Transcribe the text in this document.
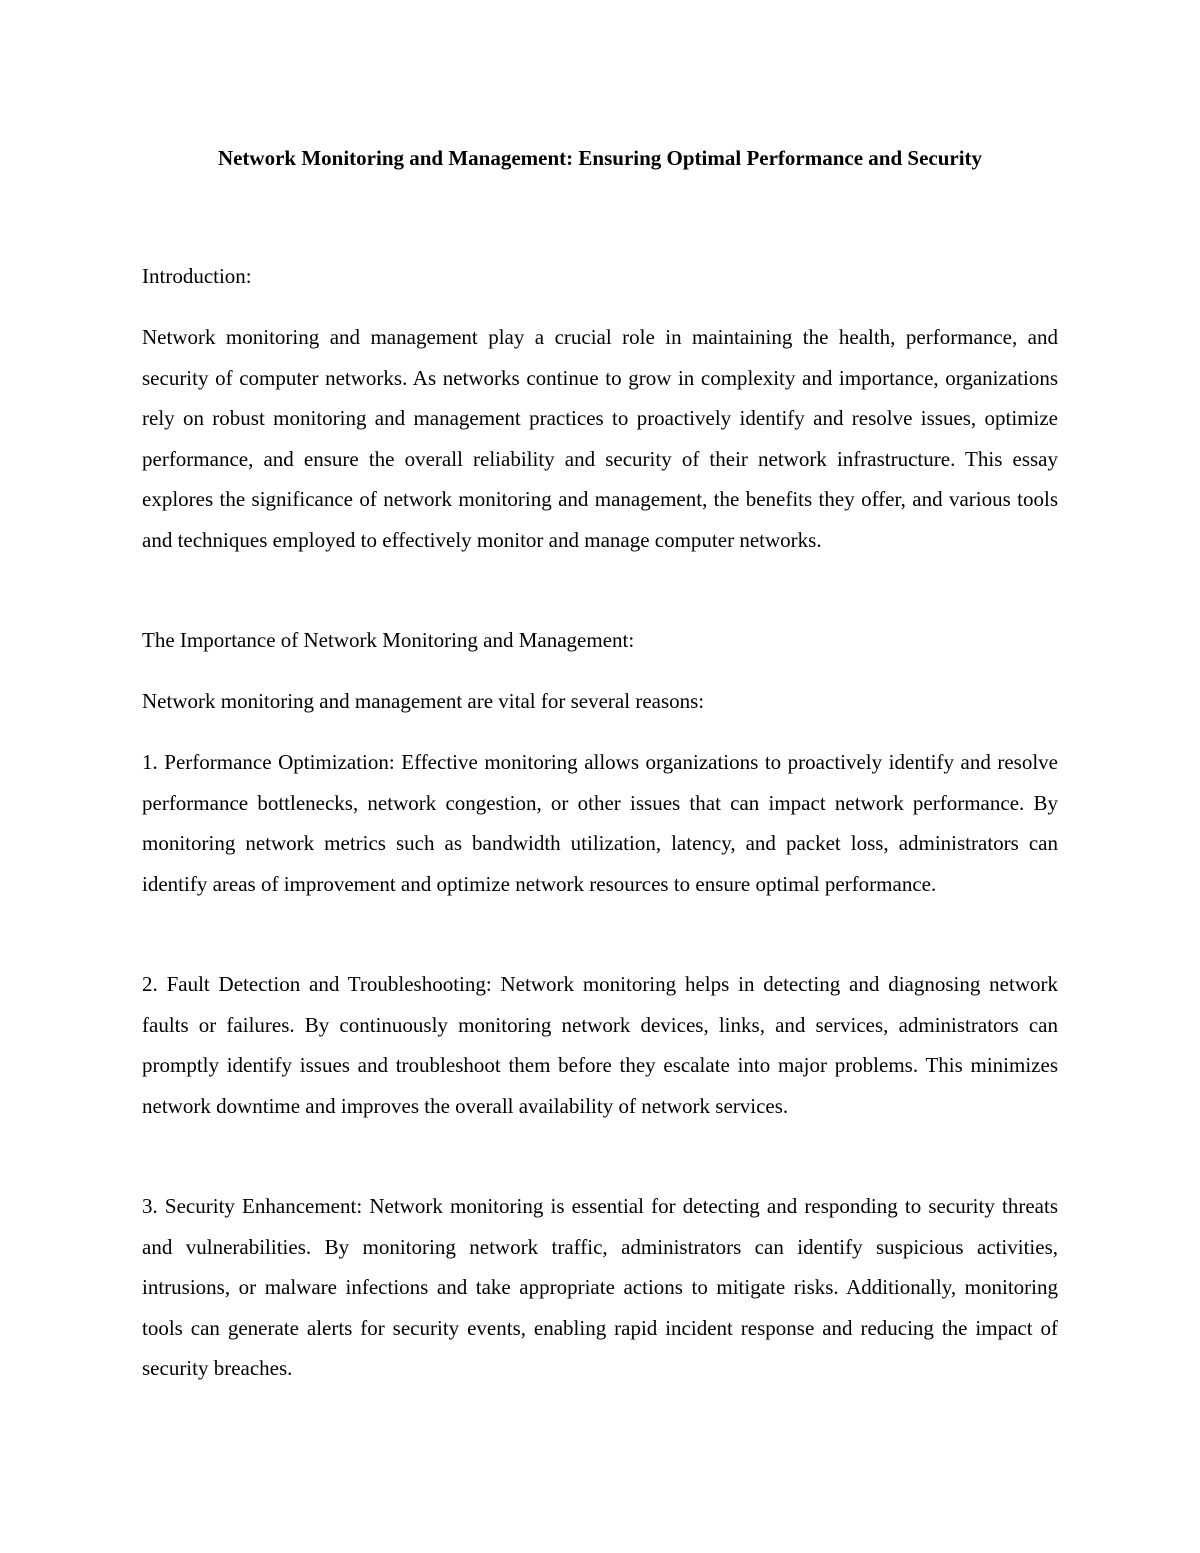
Network Monitoring and Management: Ensuring Optimal Performance and Security

Introduction:

Network monitoring and management play a crucial role in maintaining the health, performance, and security of computer networks. As networks continue to grow in complexity and importance, organizations rely on robust monitoring and management practices to proactively identify and resolve issues, optimize performance, and ensure the overall reliability and security of their network infrastructure. This essay explores the significance of network monitoring and management, the benefits they offer, and various tools and techniques employed to effectively monitor and manage computer networks.

The Importance of Network Monitoring and Management:

Network monitoring and management are vital for several reasons:

1. Performance Optimization: Effective monitoring allows organizations to proactively identify and resolve performance bottlenecks, network congestion, or other issues that can impact network performance. By monitoring network metrics such as bandwidth utilization, latency, and packet loss, administrators can identify areas of improvement and optimize network resources to ensure optimal performance.

2. Fault Detection and Troubleshooting: Network monitoring helps in detecting and diagnosing network faults or failures. By continuously monitoring network devices, links, and services, administrators can promptly identify issues and troubleshoot them before they escalate into major problems. This minimizes network downtime and improves the overall availability of network services.

3. Security Enhancement: Network monitoring is essential for detecting and responding to security threats and vulnerabilities. By monitoring network traffic, administrators can identify suspicious activities, intrusions, or malware infections and take appropriate actions to mitigate risks. Additionally, monitoring tools can generate alerts for security events, enabling rapid incident response and reducing the impact of security breaches.
